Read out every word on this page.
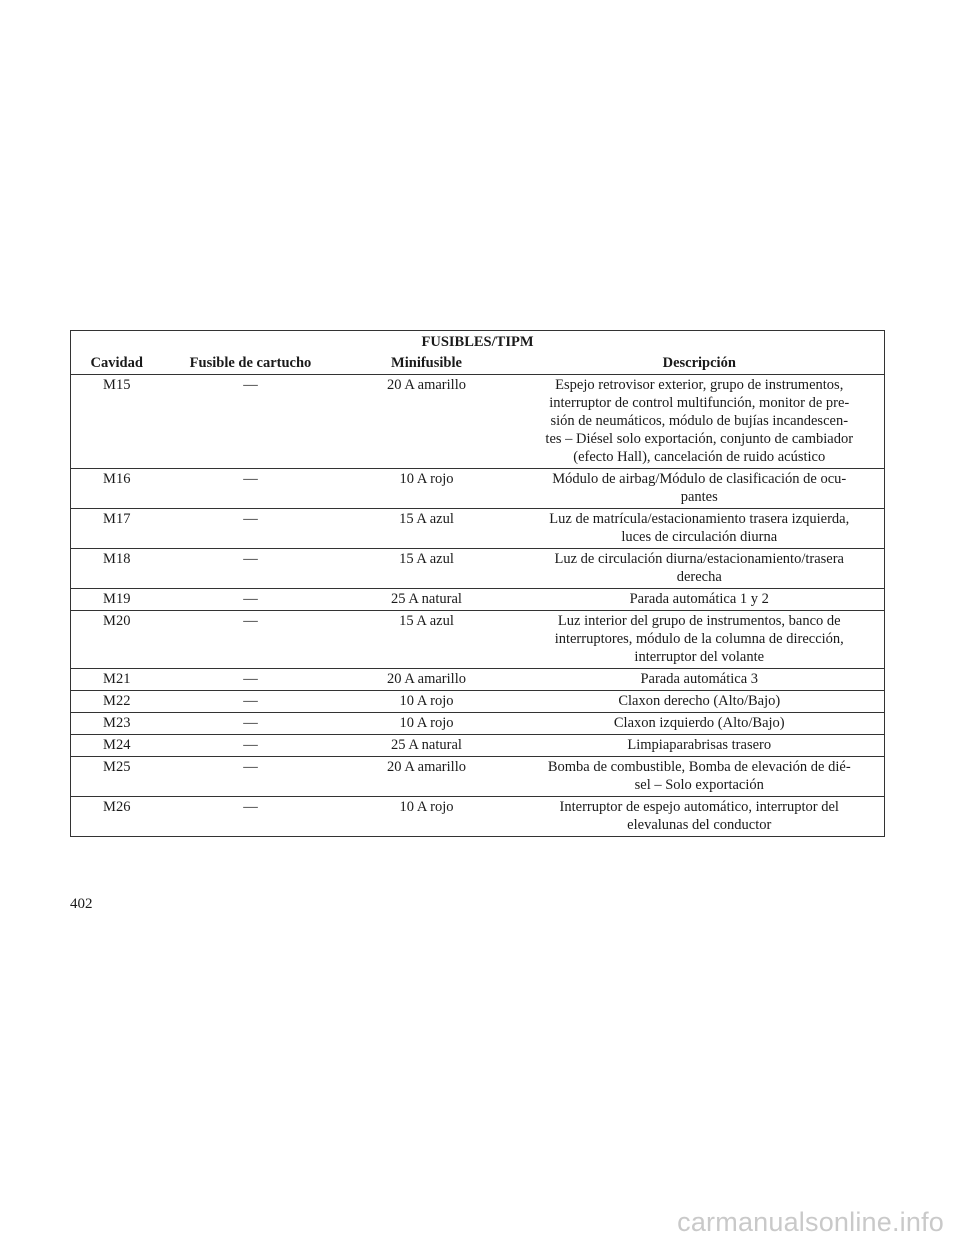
FUSIBLES/TIPM			
Cavidad	Fusible de cartucho	Minifusible	Descripción
M15	—	20 A amarillo	Espejo retrovisor exterior, grupo de instrumentos,
interruptor de control multifunción, monitor de pre-
sión de neumáticos, módulo de bujías incandescen-
tes – Diésel solo exportación, conjunto de cambiador
(efecto Hall), cancelación de ruido acústico

M16	—	10 A rojo	Módulo de airbag/Módulo de clasificación de ocu-
pantes

M17	—	15 A azul	Luz de matrícula/estacionamiento trasera izquierda,
luces de circulación diurna

M18	—	15 A azul	Luz de circulación diurna/estacionamiento/trasera
derecha

M19	—	25 A natural	Parada automática 1 y 2

M20	—	15 A azul	Luz interior del grupo de instrumentos, banco de
interruptores, módulo de la columna de dirección,
interruptor del volante

M21	—	20 A amarillo	Parada automática 3

M22	—	10 A rojo	Claxon derecho (Alto/Bajo)

M23	—	10 A rojo	Claxon izquierdo (Alto/Bajo)

M24	—	25 A natural	Limpiaparabrisas trasero

M25	—	20 A amarillo	Bomba de combustible, Bomba de elevación de dié-
sel – Solo exportación

M26	—	10 A rojo	Interruptor de espejo automático, interruptor del
elevalunas del conductor
402
carmanualsonline.info
